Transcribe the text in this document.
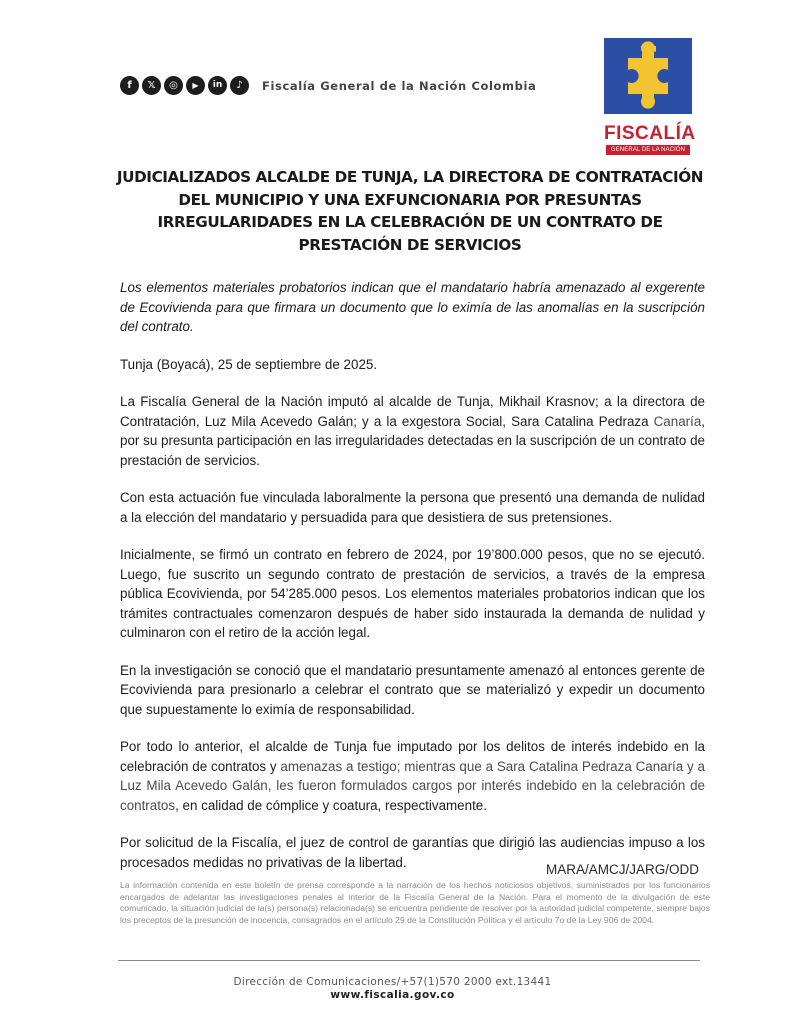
f	𝕏	◎	▶	in	♪	Fiscalía General de la Nación Colombia
FISCALÍA
GENERAL DE LA NACIÓN
JUDICIALIZADOS ALCALDE DE TUNJA, LA DIRECTORA DE CONTRATACIÓN DEL MUNICIPIO Y UNA EXFUNCIONARIA POR PRESUNTAS IRREGULARIDADES EN LA CELEBRACIÓN DE UN CONTRATO DE PRESTACIÓN DE SERVICIOS

Los elementos materiales probatorios indican que el mandatario habría amenazado al exgerente de Ecovivienda para que firmara un documento que lo eximía de las anomalías en la suscripción del contrato.

Tunja (Boyacá), 25 de septiembre de 2025.

La Fiscalía General de la Nación imputó al alcalde de Tunja, Mikhail Krasnov; a la directora de Contratación, Luz Mila Acevedo Galán; y a la exgestora Social, Sara Catalina Pedraza Canaría, por su presunta participación en las irregularidades detectadas en la suscripción de un contrato de prestación de servicios.

Con esta actuación fue vinculada laboralmente la persona que presentó una demanda de nulidad a la elección del mandatario y persuadida para que desistiera de sus pretensiones.

Inicialmente, se firmó un contrato en febrero de 2024, por 19’800.000 pesos, que no se ejecutó. Luego, fue suscrito un segundo contrato de prestación de servicios, a través de la empresa pública Ecovivienda, por 54’285.000 pesos. Los elementos materiales probatorios indican que los trámites contractuales comenzaron después de haber sido instaurada la demanda de nulidad y culminaron con el retiro de la acción legal.

En la investigación se conoció que el mandatario presuntamente amenazó al entonces gerente de Ecovivienda para presionarlo a celebrar el contrato que se materializó y expedir un documento que supuestamente lo eximía de responsabilidad.

Por todo lo anterior, el alcalde de Tunja fue imputado por los delitos de interés indebido en la celebración de contratos y amenazas a testigo; mientras que a Sara Catalina Pedraza Canaría y a Luz Mila Acevedo Galán, les fueron formulados cargos por interés indebido en la celebración de contratos, en calidad de cómplice y coatura, respectivamente.

Por solicitud de la Fiscalía, el juez de control de garantías que dirigió las audiencias impuso a los procesados medidas no privativas de la libertad.	MARA/AMCJ/JARG/ODD
La información contenida en este boletín de prensa corresponde a la narración de los hechos noticiosos objetivos, suministrados por los funcionarios encargados de adelantar las investigaciones penales al interior de la Fiscalía General de la Nación. Para el momento de la divulgación de este comunicado, la situación judicial de la(s) persona(s) relacionada(s) se encuentra pendiente de resolver por la autoridad judicial competente, siempre bajos los preceptos de la presunción de inocencia, consagrados en el artículo 29 de la Constitución Política y el artículo 7o de la Ley 906 de 2004.
Dirección de Comunicaciones/+57(1)570 2000 ext.13441
www.fiscalia.gov.co
